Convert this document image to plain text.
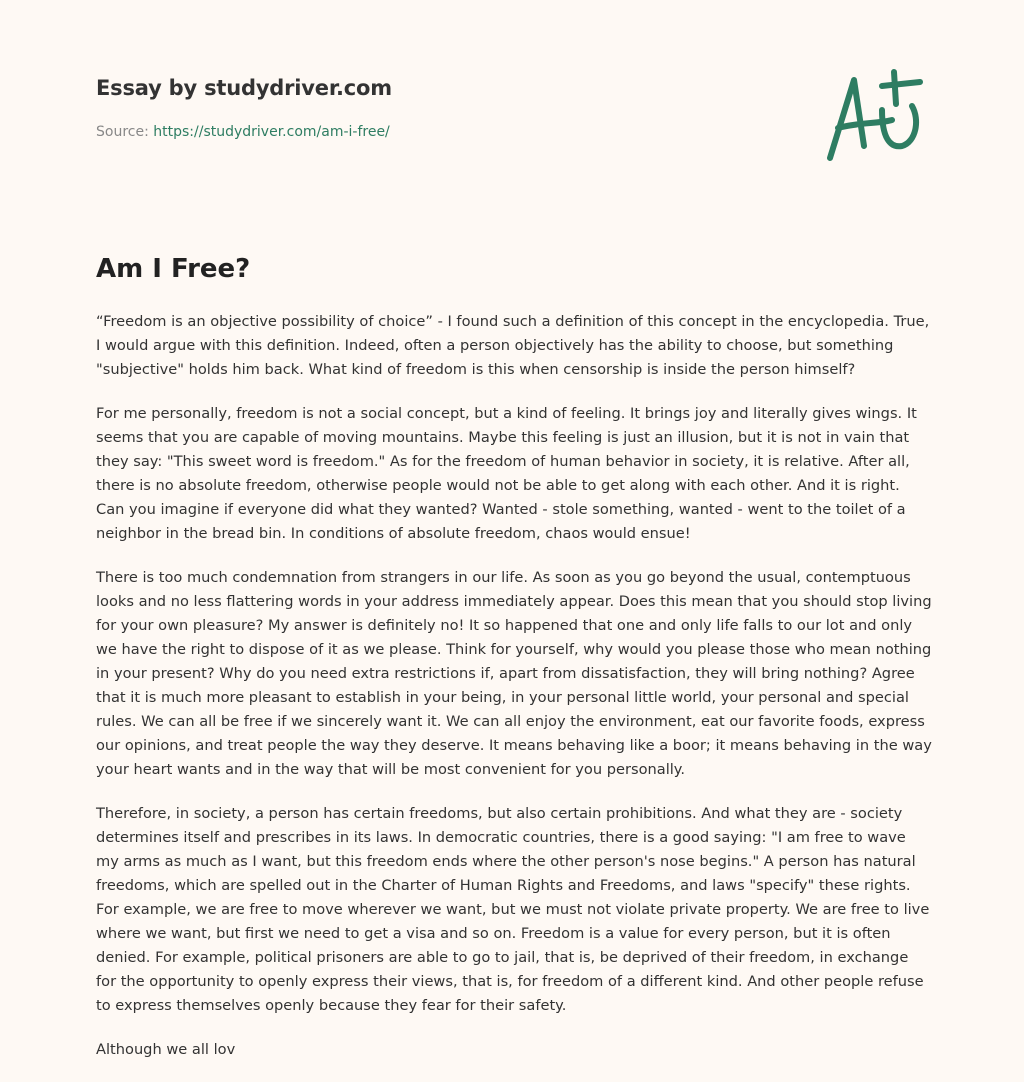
Essay by studydriver.com
Source: https://studydriver.com/am-i-free/
Am I Free?

“Freedom is an objective possibility of choice” - I found such a definition of this concept in the encyclopedia. True, I would argue with this definition. Indeed, often a person objectively has the ability to choose, but something "subjective" holds him back. What kind of freedom is this when censorship is inside the person himself?

For me personally, freedom is not a social concept, but a kind of feeling. It brings joy and literally gives wings. It seems that you are capable of moving mountains. Maybe this feeling is just an illusion, but it is not in vain that they say: "This sweet word is freedom." As for the freedom of human behavior in society, it is relative. After all, there is no absolute freedom, otherwise people would not be able to get along with each other. And it is right. Can you imagine if everyone did what they wanted? Wanted - stole something, wanted - went to the toilet of a neighbor in the bread bin. In conditions of absolute freedom, chaos would ensue!

There is too much condemnation from strangers in our life. As soon as you go beyond the usual, contemptuous looks and no less flattering words in your address immediately appear. Does this mean that you should stop living for your own pleasure? My answer is definitely no! It so happened that one and only life falls to our lot and only we have the right to dispose of it as we please. Think for yourself, why would you please those who mean nothing in your present? Why do you need extra restrictions if, apart from dissatisfaction, they will bring nothing? Agree that it is much more pleasant to establish in your being, in your personal little world, your personal and special rules. We can all be free if we sincerely want it. We can all enjoy the environment, eat our favorite foods, express our opinions, and treat people the way they deserve. It means behaving like a boor; it means behaving in the way your heart wants and in the way that will be most convenient for you personally.

Therefore, in society, a person has certain freedoms, but also certain prohibitions. And what they are - society determines itself and prescribes in its laws. In democratic countries, there is a good saying: "I am free to wave my arms as much as I want, but this freedom ends where the other person's nose begins." A person has natural freedoms, which are spelled out in the Charter of Human Rights and Freedoms, and laws "specify" these rights. For example, we are free to move wherever we want, but we must not violate private property. We are free to live where we want, but first we need to get a visa and so on. Freedom is a value for every person, but it is often denied. For example, political prisoners are able to go to jail, that is, be deprived of their freedom, in exchange for the opportunity to openly express their views, that is, for freedom of a different kind. And other people refuse to express themselves openly because they fear for their safety.

Although we all lov
